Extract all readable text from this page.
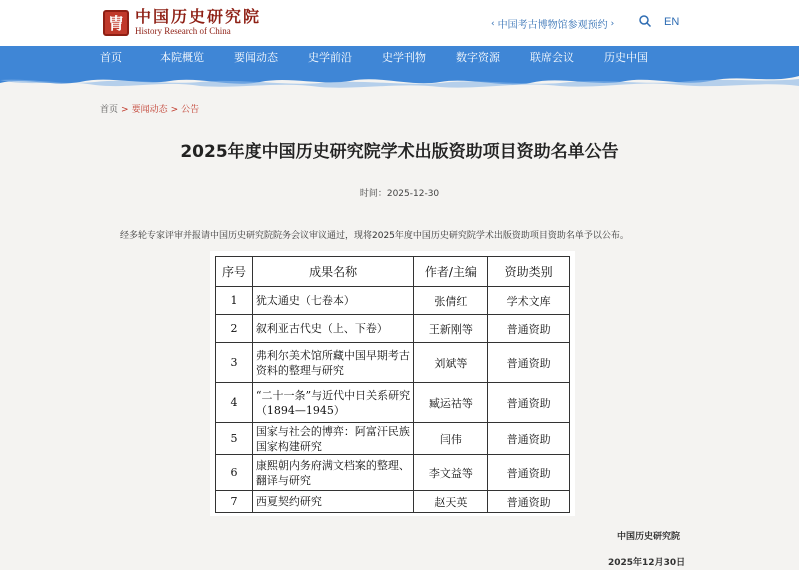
胄 中国历史研究院
History Research of China
‹ 中国考古博物馆参观预约 ›	EN
首页	本院概览	要闻动态	史学前沿	史学刊物	数字资源	联席会议	历史中国
首页 > 要闻动态 > 公告
2025年度中国历史研究院学术出版资助项目资助名单公告
时间：2025-12-30
经多轮专家评审并报请中国历史研究院院务会议审议通过，现将2025年度中国历史研究院学术出版资助项目资助名单予以公布。
序号	成果名称	作者/主编	资助类别
1	犹太通史（七卷本）	张倩红	学术文库
2	叙利亚古代史（上、下卷）	王新刚等	普通资助
3	弗利尔美术馆所藏中国早期考古资料的整理与研究	刘斌等	普通资助
4	“二十一条”与近代中日关系研究（1894—1945）	臧运祜等	普通资助
5	国家与社会的博弈：阿富汗民族国家构建研究	闫伟	普通资助
6	康熙朝内务府满文档案的整理、翻译与研究	李文益等	普通资助
7	西夏契约研究	赵天英	普通资助
中国历史研究院
2025年12月30日
